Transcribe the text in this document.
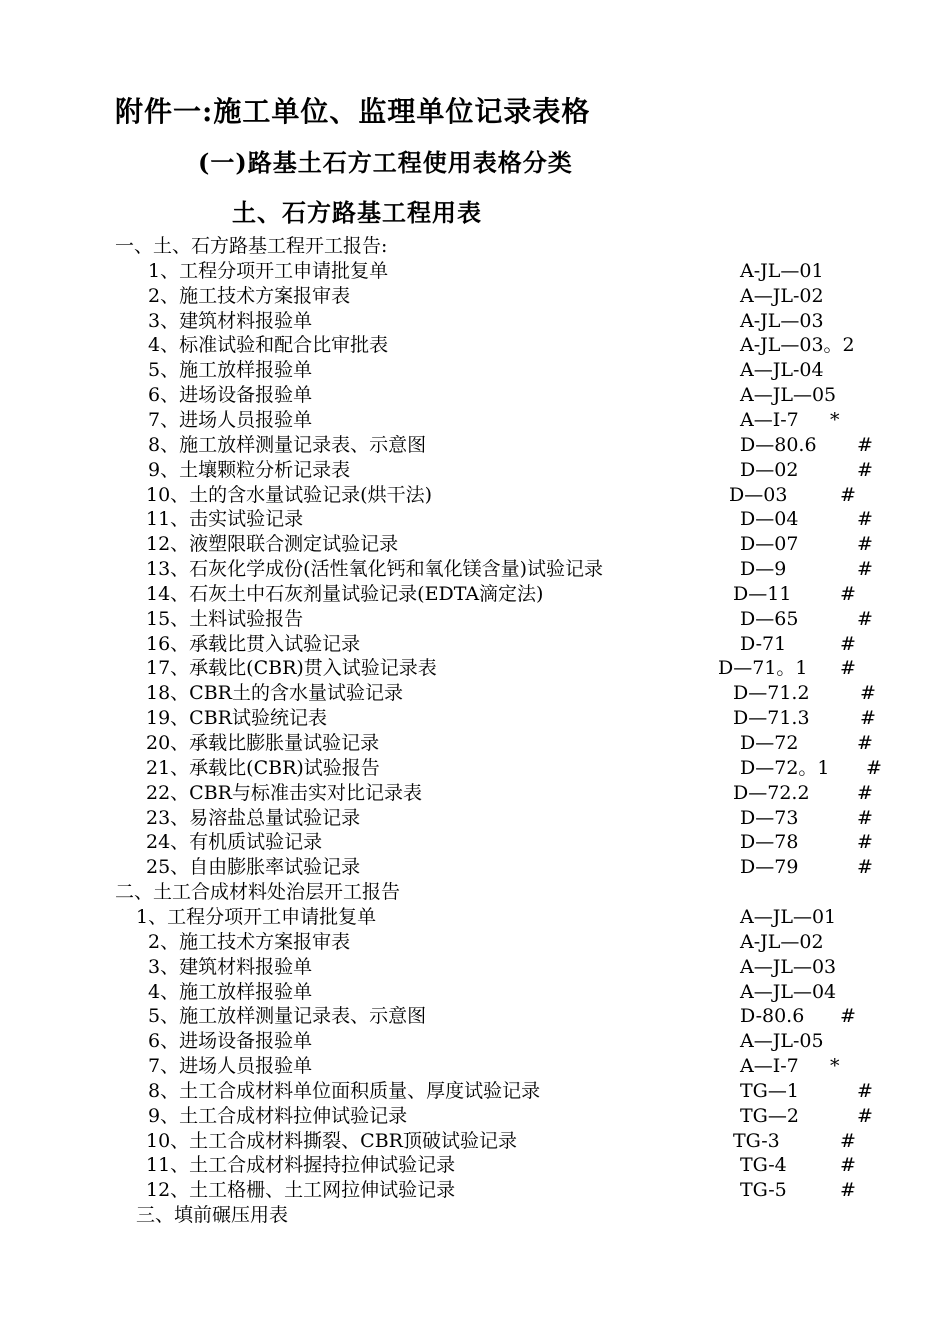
附件一:施工单位、监理单位记录表格
(一)路基土石方工程使用表格分类
土、石方路基工程用表
一、土、石方路基工程开工报告:
1、工程分项开工申请批复单	A-JL—01
2、施工技术方案报审表	A—JL-02
3、建筑材料报验单	A-JL—03
4、标准试验和配合比审批表	A-JL—03。2
5、施工放样报验单	A—JL-04
6、进场设备报验单	A—JL—05
7、进场人员报验单	A—I-7 *
8、施工放样测量记录表、示意图	D—80.6 #
9、土壤颗粒分析记录表	D—02	#
10、土的含水量试验记录(烘干法)	D—03	#
11、击实试验记录	D—04	#
12、液塑限联合测定试验记录	D—07	#
13、石灰化学成份(活性氧化钙和氧化镁含量)试验记录	D—9	#
14、石灰土中石灰剂量试验记录(EDTA滴定法)	D—11	#
15、土料试验报告	D—65	#
16、承载比贯入试验记录	D-71	#
17、承载比(CBR)贯入试验记录表	D—71。1 #
18、CBR土的含水量试验记录	D—71.2	#
19、CBR试验统记表	D—71.3	#
20、承载比膨胀量试验记录	D—72	#
21、承载比(CBR)试验报告	D—72。1 #
22、CBR与标准击实对比记录表	D—72.2 #
23、易溶盐总量试验记录	D—73	#
24、有机质试验记录	D—78	#
25、自由膨胀率试验记录	D—79	#
二、土工合成材料处治层开工报告
1、工程分项开工申请批复单	A—JL—01
2、施工技术方案报审表	A-JL—02
3、建筑材料报验单	A—JL—03
4、施工放样报验单	A—JL—04
5、施工放样测量记录表、示意图	D-80.6 #
6、进场设备报验单	A—JL-05
7、进场人员报验单	A—I-7 *
8、土工合成材料单位面积质量、厚度试验记录	TG—1	#
9、土工合成材料拉伸试验记录	TG—2	#
10、土工合成材料撕裂、CBR顶破试验记录	TG-3	#
11、土工合成材料握持拉伸试验记录	TG-4	#
12、土工格栅、土工网拉伸试验记录	TG-5	#
三、填前碾压用表
